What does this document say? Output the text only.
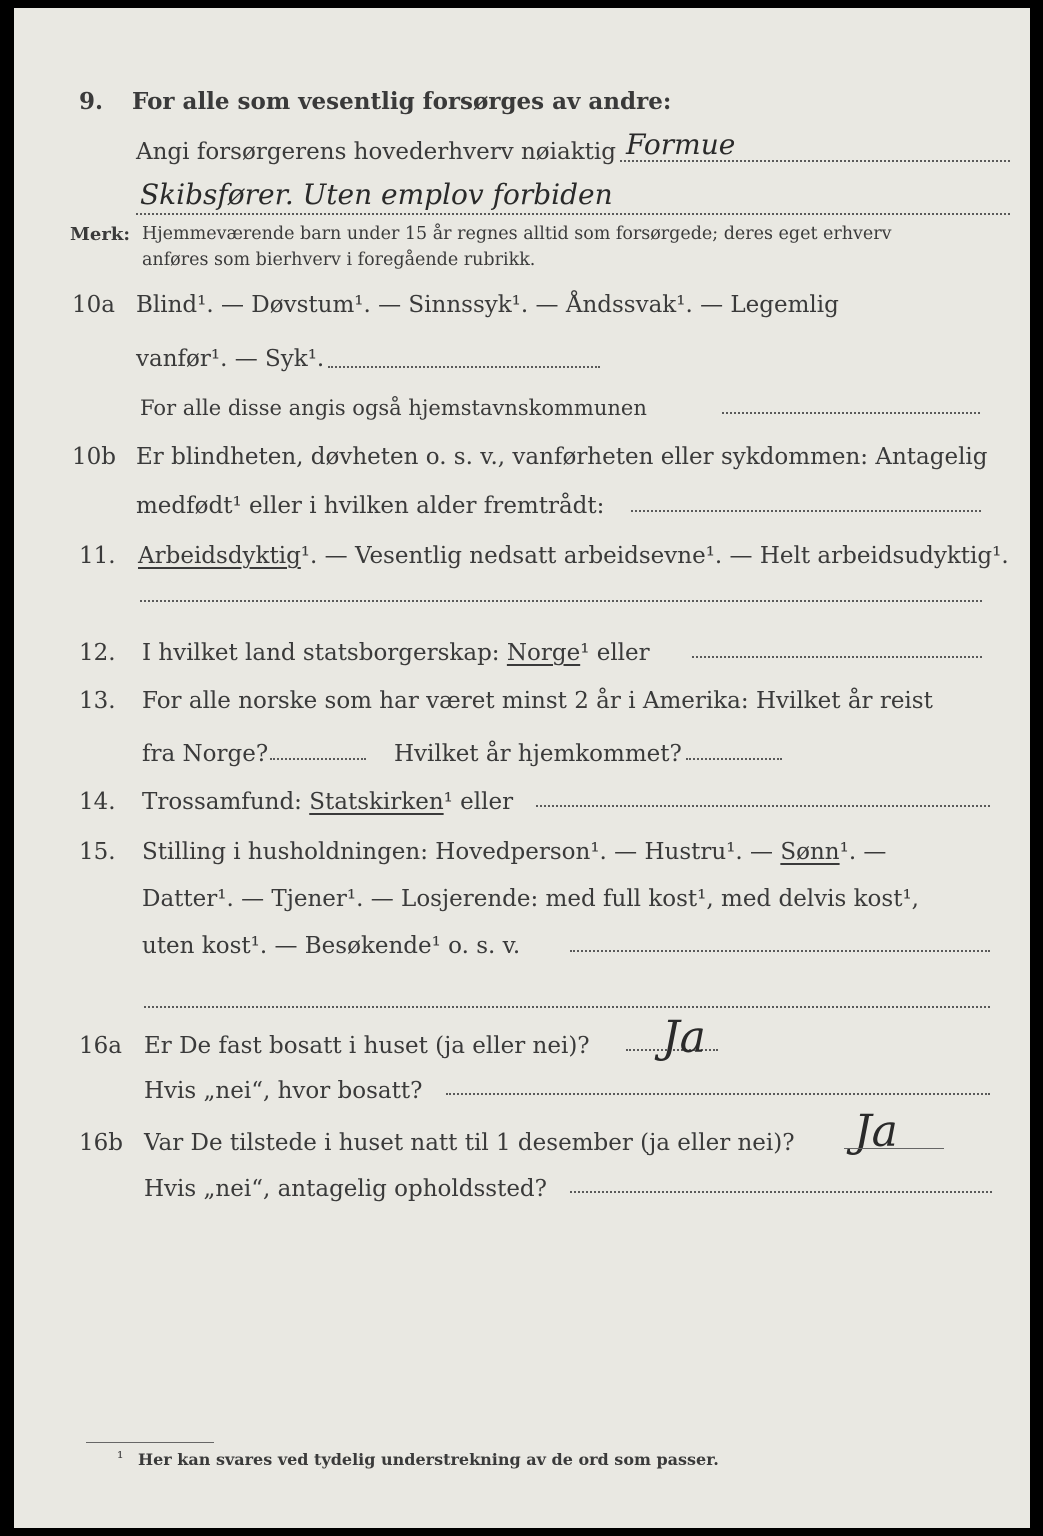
9. For alle som vesentlig forsørges av andre:
Angi forsørgerens hovederhverv nøiaktig Formue
Skibsfører. Uten emplov forbiden
Merk: Hjemmeværende barn under 15 år regnes alltid som forsørgede; deres eget erhverv
anføres som bierhverv i foregående rubrikk.
10a Blind¹. — Døvstum¹. — Sinnssyk¹. — Åndssvak¹. — Legemlig
vanfør¹. — Syk¹.
For alle disse angis også hjemstavnskommunen
10b Er blindheten, døvheten o. s. v., vanførheten eller sykdommen: Antagelig
medfødt¹ eller i hvilken alder fremtrådt:
11. Arbeidsdyktig¹. — Vesentlig nedsatt arbeidsevne¹. — Helt arbeidsudyktig¹.
12. I hvilket land statsborgerskap: Norge¹ eller
13. For alle norske som har været minst 2 år i Amerika: Hvilket år reist
fra Norge?	Hvilket år hjemkommet?
14. Trossamfund: Statskirken¹ eller
15. Stilling i husholdningen: Hovedperson¹. — Hustru¹. — Sønn¹. —
Datter¹. — Tjener¹. — Losjerende: med full kost¹, med delvis kost¹,
uten kost¹. — Besøkende¹ o. s. v.
16a Er De fast bosatt i huset (ja eller nei)? Ja
Hvis „nei“, hvor bosatt?
16b Var De tilstede i huset natt til 1 desember (ja eller nei)? Ja
Hvis „nei“, antagelig opholdssted?
¹ Her kan svares ved tydelig understrekning av de ord som passer.
